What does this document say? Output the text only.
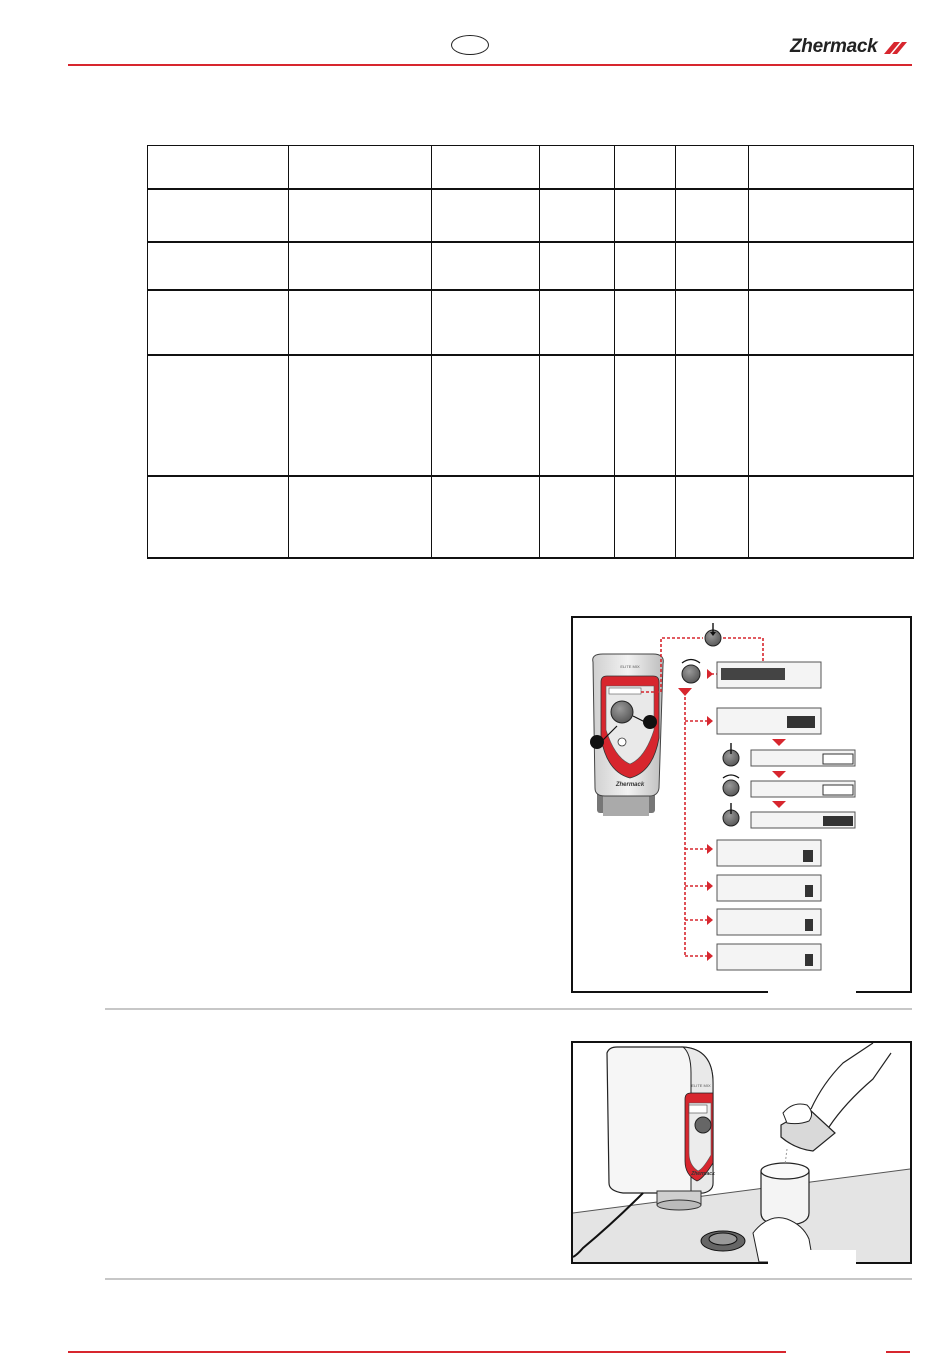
Zhermack

Zhermack
ELITE MIX
Zhermack
ELITE MIX
